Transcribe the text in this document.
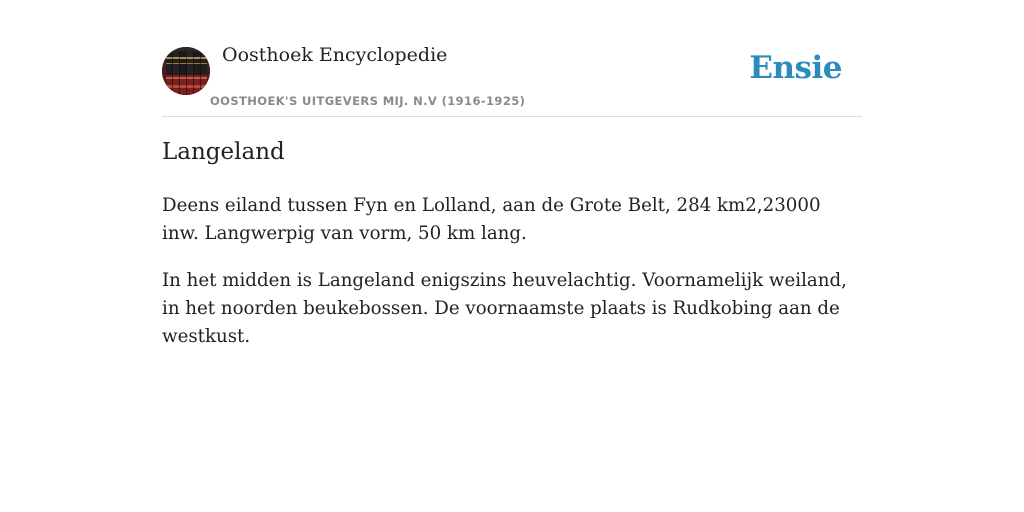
Oosthoek Encyclopedie
OOSTHOEK'S UITGEVERS MIJ. N.V (1916-1925)
Ensie
Langeland

Deens eiland tussen Fyn en Lolland, aan de Grote Belt, 284 km2,23000 inw. Langwerpig van vorm, 50 km lang.

In het midden is Langeland enigszins heuvelachtig. Voornamelijk weiland, in het noorden beukebossen. De voornaamste plaats is Rudkobing aan de westkust.
